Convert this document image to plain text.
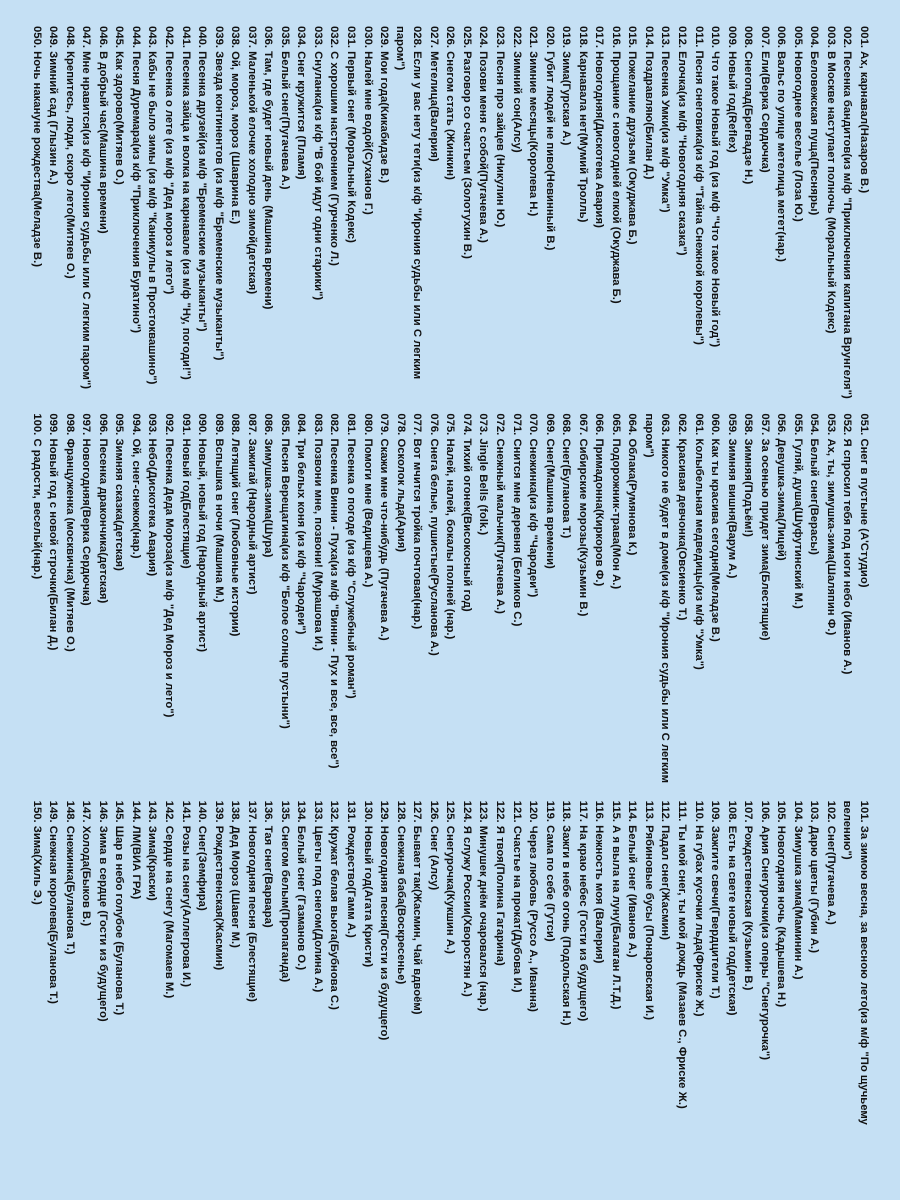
001. Ах, карнавал(Назаров В.)
002. Песенка бандитов(из м/ф "Приключения капитана Врунгеля")
003. В Москве наступает полночь (Моральный Кодекс)
004. Беловежская пуща(Песняры)
005. Новогоднее веселье (Лоза Ю.)
006. Вальс по улице метелица метет(нар.)
007. Ели(Верка Сердючка)
008. Снегопад(Брегвадзе Н.)
009. Новый год(Reflex)
010. Что такое Новый год (из м/ф "Что такое Новый год")
011. Песня снеговика(из к/ф "Тайна Снежной королевы")
012. Елочка(из м/ф "Новогодняя сказка")
013. Песенка Умки(из м/ф "Умка")
014. Поздравляю(Билан Д.)
015. Пожелание друзьям (Окуджава Б.)
016. Прощание с новогодней елкой (Окуджава Б.)
017. Новогодняя(Дискотека Авария)
018. Карнавала нет(Мумий Тролль)
019. Зима(Гурская А.)
020. Губит людей не пиво(Невинный В.)
021. Зимние месяцы(Королева Н.)
022. Зимний сон(Алсу)
023. Песня про зайцев (Никулин Ю.)
024. Позови меня с собой(Пугачева А.)
025. Разговор со счастьем (Золотухин В.)
026. Снегом стать (Жинкин)
027. Метелица(Валерия)
028. Если у вас нету тети(из к/ф "Ирония судьбы или С легким паром")
029. Мои года(Кикабидзе В.)
030. Налей мне водой(Суханов Г.)
031. Первый снег (Моральный Кодекс)
032. С хорошим настроением (Гурченко Л.)
033. Снуланка(из к/ф "В бой идут одни старики")
034. Снег кружится (Пламя)
035. Белый снег(Пугачева А.)
036. Там, где будет новый день (Машина времени)
037. Маленькой елочке холодно зимой(детская)
038. Ой, мороз, мороз (Шаврина Е.)
039. Звезда континентов (из м/ф "Бременские музыканты")
040. Песенка друзей(из м/ф "Бременские музыканты")
041. Песенка зайца и волка на карнавале (из м/ф "Ну, погоди!")
042. Песенка о лете (из м/ф "Дед мороз и лето")
043. Кабы не было зимы (из м/ф "Каникулы в Простоквашино")
044. Песня Дуремара(из к/ф "Приключения Буратино")
045. Как здорово(Митяев О.)
046. В добрый час(Машина времени)
047. Мне нравится(из к/ф "Ирония судьбы или С легким паром")
048. Крепитесь, люди, скоро лето(Митяев О.)
049. Зимний сад (Глызин А.)
050. Ночь накануне рождества(Меладзе В.)
051. Снег в пустыне (А'Студио)
052. Я спросил тебя под ноги небо (Иванов А.)
053. Ах, ты, зимушка-зима(Шаляпин Ф.)
054. Белый снег(Верасы)
055. Гуляй, душа(Шуфутинский М.)
056. Девушка-зима(Лицей)
057. За осенью придет зима(Блестящие)
058. Зимняя(Подъём!)
059. Зимняя вишня(Варум А.)
060. Как ты красива сегодня(Меладзе В.)
061. Колыбельная медведицы(из м/ф "Умка")
062. Красивая девчонка(Овсиенко Т.)
063. Никого не будет в доме(из к/ф "Ирония судьбы или С легким паром")
064. Облака(Румянова К.)
065. Подорожник-трава(Мон А.)
066. Примадонна(Киркоров Ф.)
067. Сибирские морозы(Кузьмин В.)
068. Снег(Буланова Т.)
069. Снег(Машина времени)
070. Снежинка(из к/ф "Чародеи")
071. Снится мне деревня (Беликов С.)
072. Снежный мальчик(Пугачева А.)
073. Jingle Bells (folk.)
074. Тихий огонек(Високосный год)
075. Налей, налей, бокалы полней (нар.)
076. Снега белые, пушистые(Русланова А.)
077. Вот мчится тройка почтовая(нар.)
078. Осколок льда(Ария)
079. Скажи мне что-нибудь (Пугачева А.)
080. Помоги мне (Ведищева А.)
081. Песенка о погоде (из к/ф "Служебный роман")
082. Песенка Винни - Пуха(из м/ф "Винни - Пух и все, все, все")
083. Позвони мне, позвони! (Мурашова И.)
084. Три белых коня (из к/ф "Чародеи")
085. Песня Верещагина(из к/ф "Белое солнце пустыни")
086. Зимушка-зима(Шура)
087. Зажигай (Народный артист)
088. Летящий снег (Любовные истории)
089. Вспышка в ночи (Машина М.)
090. Новый, новый год (Народный артист)
091. Новый год(Блестящие)
092. Песенка Деда Мороза(из м/ф "Дед Мороз и лето")
093. Небо(Дискотека Авария)
094. Ой, снег-снежок(нар.)
095. Зимняя сказка(детская)
096. Песенка дракончика(детская)
097. Новогодняя(Верка Сердючка)
098. Француженка (москвичка) (Митяев О.)
099. Новый год с новой строчки(Билан Д.)
100. С радости, весельй(нар.)
101. За зимою весна, за весною лето(из м/ф "По щучьему велению")
102. Снег(Пугачева А.)
103. Дарю цветы (Губин А.)
104. Зимушка зима(Маминин А.)
105. Новогодняя ночь (Кадышева Н.)
106. Ария Снегурочки(из оперы "Снегурочка")
107. Рождественская (Кузьмин В.)
108. Есть на свете новый год(детская)
109. Зажгите свечи(Гвердцители Т.)
110. На губах кусочки льда(Фриске Ж.)
111. Ты мой снег, ты мой дождь (Мазаев С., Фриске Ж.)
112. Падал снег(Жасмин)
113. Рябиновые бусы (Понаровская И.)
114. Белый снег (Иванов А.)
115. А я выла на луну(Балаган Л.Т.Д.)
116. Нежность моя (Валерия)
117. На краю небес (Гости из будущего)
118. Зажги в небе огонь (Подольская Н.)
119. Сама по себе (Гутси)
120. Через любовь (Руссо А., Иванна)
121. Счастье на прокат(Дубова И.)
122. Я твоя(Полина Гагарина)
123. Минушек днём очаровался (нар.)
124. Я служу России(Хворостян А.)
125. Снегурочка(Кукшин А.)
126. Снег (Алсу)
127. Бывает так(Жасмин, Чай вдвоём)
128. Снежная баба(Воскресенье)
129. Новогодняя песня(Гости из будущего)
130. Новый год(Агата Кристи)
131. Рождество(Гамм А.)
132. Кружат белая вьюга(Бубнова С.)
133. Цветы под снегом(Долина А.)
134. Белый снег (Газманов О.)
135. Снегом белым(Пропаганда)
136. Тая снег(Варвара)
137. Новогодняя песня (Блестящие)
138. Дед Мороз (Шавег М.)
139. Рождественская(Жасмин)
140. Снег(Земфира)
141. Розы на снегу(Аллегрова И.)
142. Сердце на снегу (Магомаев М.)
143. Зима(Краски)
144. ЛМ(ВИА ГРА)
145. Шар в небо голубое (Буланова Т.)
146. Зима в сердце (Гости из будущего)
147. Холода(Быков В.)
148. Снежинка(Буланова Т.)
149. Снежная королева(Буланова Т.)
150. Зима(Хиль Э.)
